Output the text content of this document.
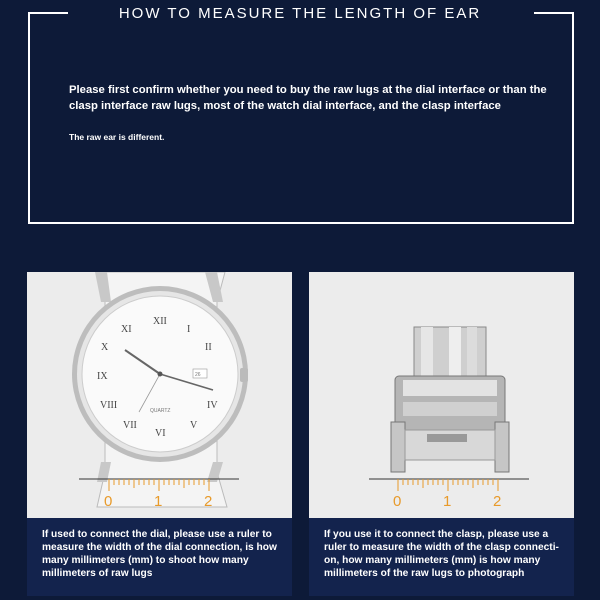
HOW TO MEASURE THE LENGTH OF EAR
Please first confirm whether you need to buy the raw lugs at the dial interface or than the clasp interface raw lugs, most of the watch dial interface, and the clasp interface
The raw ear is different.
XII
I
II
IV
V
VI
VII
VIII
IX
X
XI
26
QUARTZ
0	1	2

If used to connect the dial, please use a ruler to measure the width of the dial connection, is how many millimeters (mm) to shoot how many millimeters of raw lugs

0	1	2

If you use it to connect the clasp, please use a ruler to measure the width of the clasp connecti-on, how many millimeters (mm) is how many millimeters of the raw lugs to photograph
